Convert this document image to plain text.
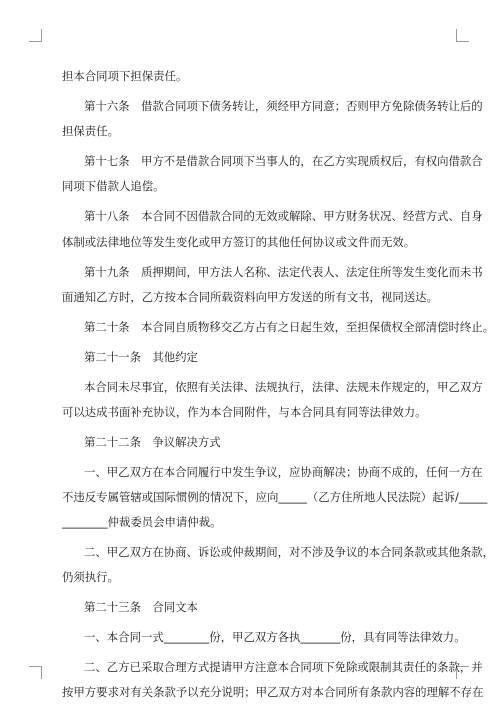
担本合同项下担保责任。
第十六条　借款合同项下债务转让，须经甲方同意；否则甲方免除债务转让后的
担保责任。
第十七条　甲方不是借款合同项下当事人的，在乙方实现质权后，有权向借款合
同项下借款人追偿。
第十八条　本合同不因借款合同的无效或解除、甲方财务状况、经营方式、自身
体制或法律地位等发生变化或甲方签订的其他任何协议或文件而无效。
第十九条　质押期间，甲方法人名称、法定代表人、法定住所等发生变化而未书
面通知乙方时，乙方按本合同所载资料向甲方发送的所有文书，视同送达。
第二十条　本合同自质物移交乙方占有之日起生效，至担保债权全部清偿时终止。
第二十一条　其他约定
本合同未尽事宜，依照有关法律、法规执行，法律、法规未作规定的，甲乙双方
可以达成书面补充协议，作为本合同附件，与本合同具有同等法律效力。
第二十二条　争议解决方式
一、甲乙双方在本合同履行中发生争议，应协商解决；协商不成的，任何一方在
不违反专属管辖或国际惯例的情况下，应向_____（乙方住所地人民法院）起诉/_____
________仲裁委员会申请仲裁。
二、甲乙双方在协商、诉讼或仲裁期间，对不涉及争议的本合同条款或其他条款，
仍须执行。
第二十三条　合同文本
一、本合同一式________份，甲乙双方各执_______份，具有同等法律效力。
二、乙方已采取合理方式提请甲方注意本合同项下免除或限制其责任的条款，并
按甲方要求对有关条款予以充分说明；甲乙双方对本合同所有条款内容的理解不存在
